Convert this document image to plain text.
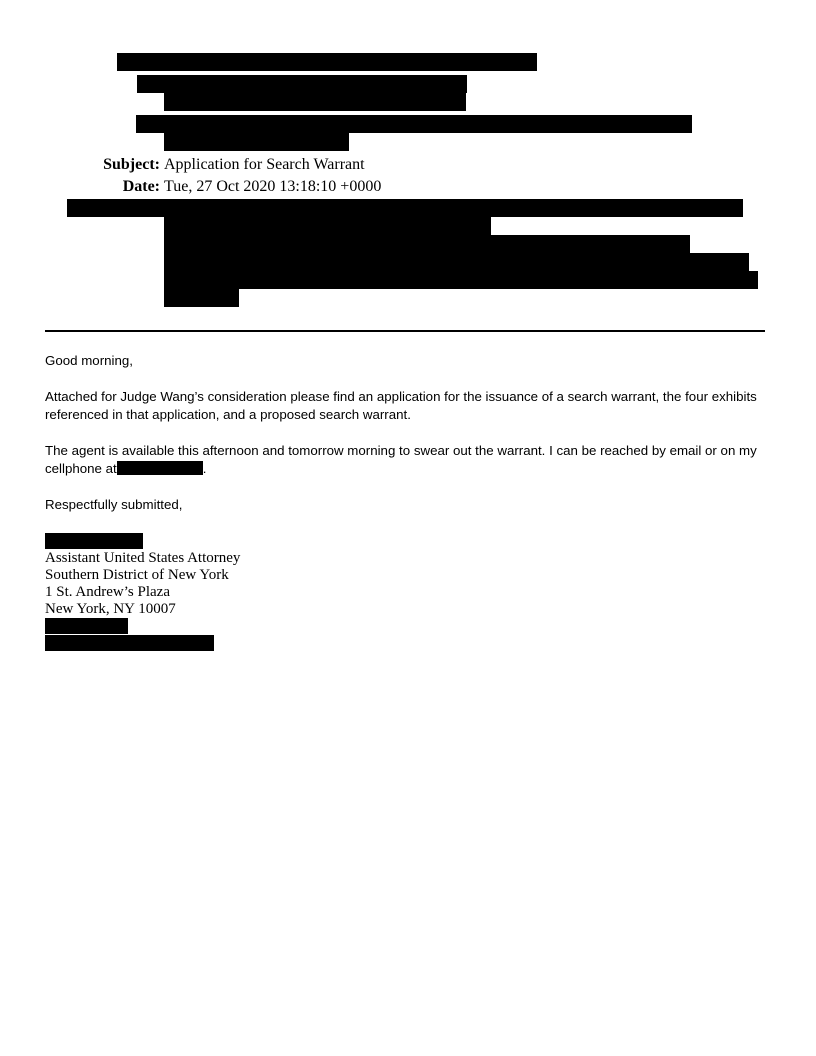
Subject: Application for Search Warrant
Date: Tue, 27 Oct 2020 13:18:10 +0000
Good morning,
Attached for Judge Wang’s consideration please find an application for the issuance of a search warrant, the four exhibits referenced in that application, and a proposed search warrant.
The agent is available this afternoon and tomorrow morning to swear out the warrant. I can be reached by email or on my cellphone at	.
Respectfully submitted,
Assistant United States Attorney
Southern District of New York
1 St. Andrew’s Plaza
New York, NY 10007
